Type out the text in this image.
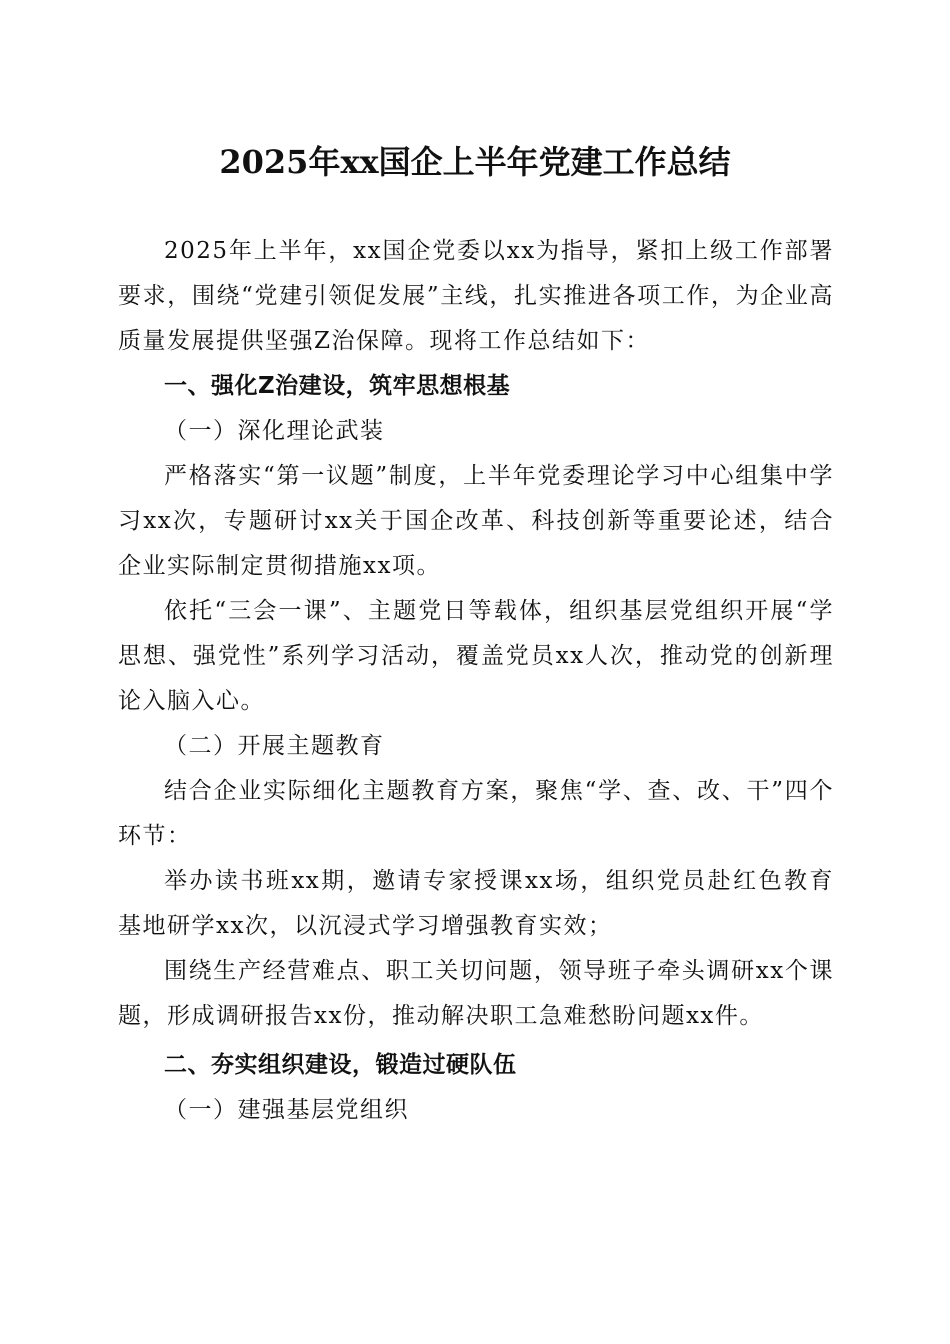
2025年xx国企上半年党建工作总结

2025年上半年，xx国企党委以xx为指导，紧扣上级工作部署要求，围绕“党建引领促发展”主线，扎实推进各项工作，为企业高质量发展提供坚强Z治保障。现将工作总结如下：

一、强化Z治建设，筑牢思想根基

（一）深化理论武装

严格落实“第一议题”制度，上半年党委理论学习中心组集中学习xx次，专题研讨xx关于国企改革、科技创新等重要论述，结合企业实际制定贯彻措施xx项。

依托“三会一课”、主题党日等载体，组织基层党组织开展“学思想、强党性”系列学习活动，覆盖党员xx人次，推动党的创新理论入脑入心。

（二）开展主题教育

结合企业实际细化主题教育方案，聚焦“学、查、改、干”四个环节：

举办读书班xx期，邀请专家授课xx场，组织党员赴红色教育基地研学xx次，以沉浸式学习增强教育实效；

围绕生产经营难点、职工关切问题，领导班子牵头调研xx个课题，形成调研报告xx份，推动解决职工急难愁盼问题xx件。

二、夯实组织建设，锻造过硬队伍

（一）建强基层党组织
